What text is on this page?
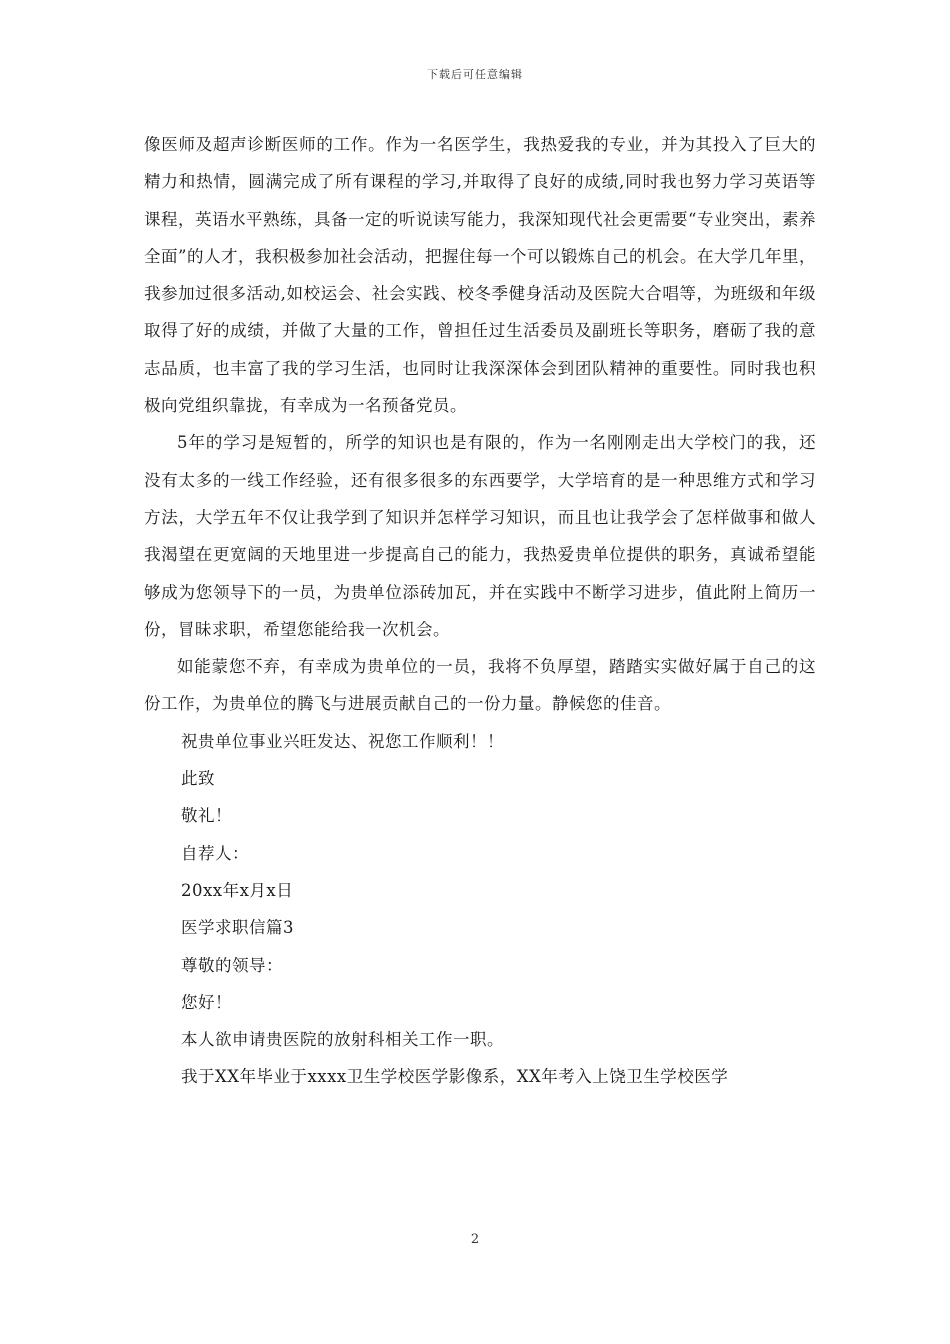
下载后可任意编辑

像医师及超声诊断医师的工作。作为一名医学生，我热爱我的专业，并为其投入了巨大的精力和热情，圆满完成了所有课程的学习,并取得了良好的成绩,同时我也努力学习英语等课程，英语水平熟练，具备一定的听说读写能力，我深知现代社会更需要“专业突出，素养全面”的人才，我积极参加社会活动，把握住每一个可以锻炼自己的机会。在大学几年里，我参加过很多活动,如校运会、社会实践、校冬季健身活动及医院大合唱等，为班级和年级取得了好的成绩，并做了大量的工作，曾担任过生活委员及副班长等职务，磨砺了我的意志品质，也丰富了我的学习生活，也同时让我深深体会到团队精神的重要性。同时我也积极向党组织靠拢，有幸成为一名预备党员。

5年的学习是短暂的，所学的知识也是有限的，作为一名刚刚走出大学校门的我，还没有太多的一线工作经验，还有很多很多的东西要学，大学培育的是一种思维方式和学习方法，大学五年不仅让我学到了知识并怎样学习知识，而且也让我学会了怎样做事和做人我渴望在更宽阔的天地里进一步提高自己的能力，我热爱贵单位提供的职务，真诚希望能够成为您领导下的一员，为贵单位添砖加瓦，并在实践中不断学习进步，值此附上简历一份，冒昧求职，希望您能给我一次机会。

如能蒙您不弃，有幸成为贵单位的一员，我将不负厚望，踏踏实实做好属于自己的这份工作，为贵单位的腾飞与进展贡献自己的一份力量。静候您的佳音。

祝贵单位事业兴旺发达、祝您工作顺利！！

此致

敬礼！

自荐人：

20xx年x月x日

医学求职信篇3

尊敬的领导：

您好！

本人欲申请贵医院的放射科相关工作一职。

我于XX年毕业于xxxx卫生学校医学影像系，XX年考入上饶卫生学校医学

2
